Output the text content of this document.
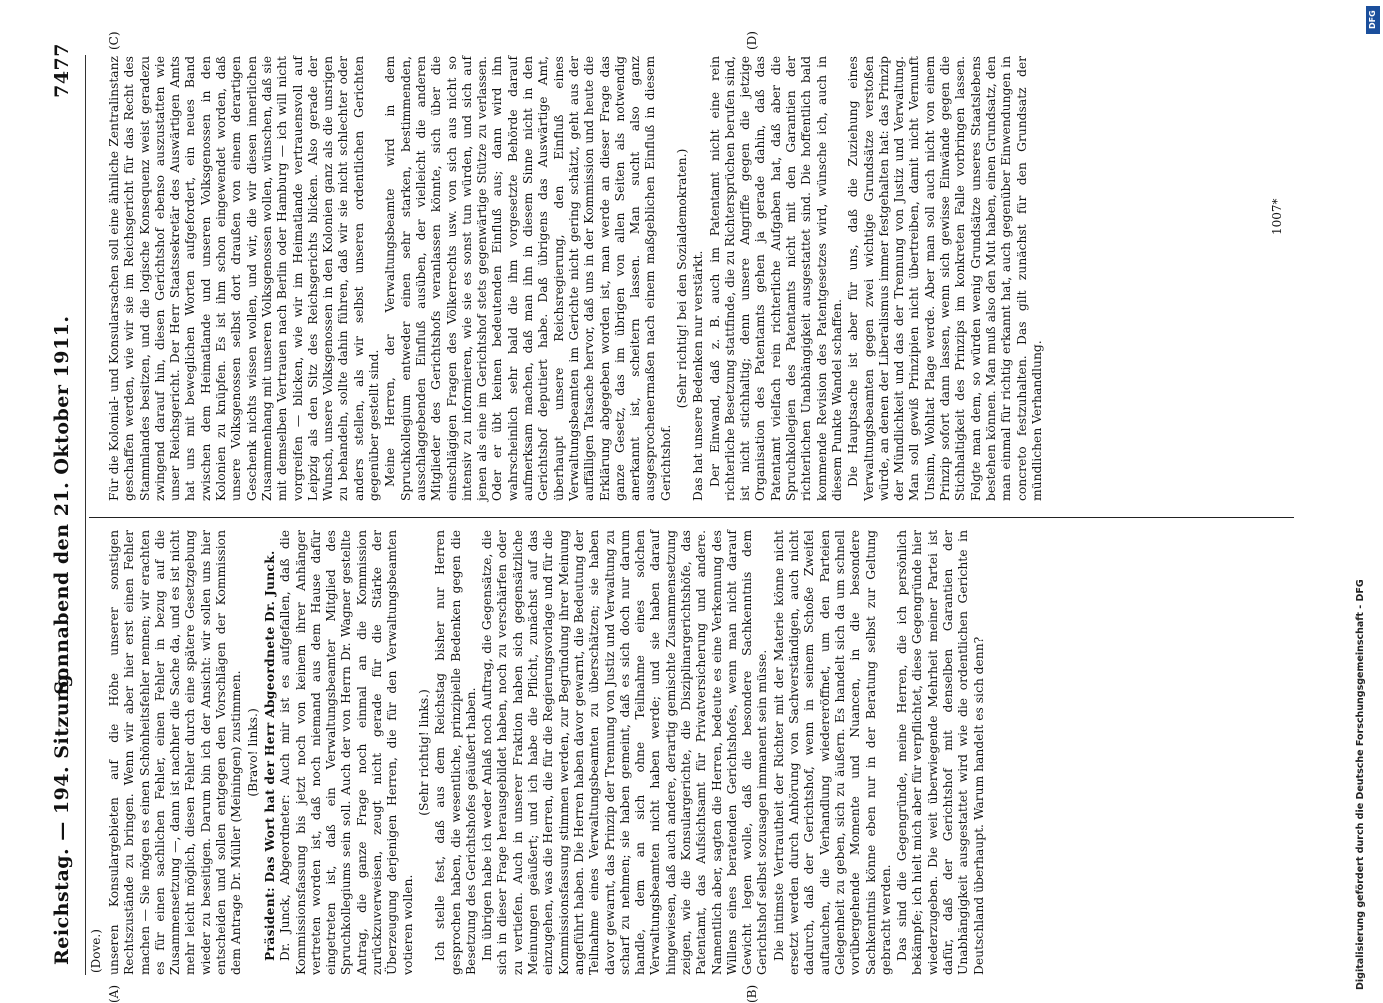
Reichstag. — 194. Sitzung.
Sonnabend den 21. Oktober 1911.
7477
(Dove.)
(A)	(B)
(C)	(D)

unseren Konsulargebieten auf die Höhe unserer sonstigen Rechtszustände zu bringen. Wenn wir aber hier erst einen Fehler machen — Sie mögen es einen Schönheitsfehler nennen; wir erachten es für einen sachlichen Fehler, einen Fehler in bezug auf die Zusammensetzung —, dann ist nachher die Sache da, und es ist nicht mehr leicht möglich, diesen Fehler durch eine spätere Gesetzgebung wieder zu beseitigen. Darum bin ich der Ansicht: wir sollen uns hier entscheiden und sollen entgegen den Vorschlägen der Kommission dem Antrage Dr. Müller (Meiningen) zustimmen. (Bravo! links.) Präsident: Das Wort hat der Herr Abgeordnete Dr. Junck. Dr. Junck, Abgeordneter: Auch mir ist es aufgefallen, daß die Kommissionsfassung bis jetzt noch von keinem ihrer Anhänger vertreten worden ist, daß noch niemand aus dem Hause dafür eingetreten ist, daß ein Verwaltungsbeamter Mitglied des Spruchkollegiums sein soll. Auch der von Herrn Dr. Wagner gestellte Antrag, die ganze Frage noch einmal an die Kommission zurückzuverweisen, zeugt nicht gerade für die Stärke der Überzeugung derjenigen Herren, die für den Verwaltungsbeamten votieren wollen.

(Sehr richtig! links.) Ich stelle fest, daß aus dem Reichstag bisher nur Herren gesprochen haben, die wesentliche, prinzipielle Bedenken gegen die Besetzung des Gerichtshofes geäußert haben. Im übrigen habe ich weder Anlaß noch Auftrag, die Gegensätze, die sich in dieser Frage herausgebildet haben, noch zu verschärfen oder zu vertiefen. Auch in unserer Fraktion haben sich gegensätzliche Meinungen geäußert; und ich habe die Pflicht, zunächst auf das einzugehen, was die Herren, die für die Regierungsvorlage und für die Kommissionsfassung stimmen werden, zur Begründung ihrer Meinung angeführt haben. Die Herren haben davor gewarnt, die Bedeutung der Teilnahme eines Verwaltungsbeamten zu überschätzen; sie haben davor gewarnt, das Prinzip der Trennung von Justiz und Verwaltung zu scharf zu nehmen; sie haben gemeint, daß es sich doch nur darum handle, dem an sich ohne Teilnahme eines solchen Verwaltungsbeamten nicht haben werde; und sie haben darauf hingewiesen, daß auch andere, derartig gemischte Zusammensetzung zeigen, wie die Konsulargerichte, die Disziplinargerichtshöfe, das Patentamt, das Aufsichtsamt für Privatversicherung und andere. Namentlich aber, sagten die Herren, bedeute es eine Verkennung des Willens eines beratenden Gerichtshofes, wenn man nicht darauf Gewicht legen wolle, daß die besondere Sachkenntnis dem Gerichtshof selbst sozusagen immanent sein müsse. Die intimste Vertrautheit der Richter mit der Materie könne nicht ersetzt werden durch Anhörung von Sachverständigen, auch nicht dadurch, daß der Gerichtshof, wenn in seinem Schoße Zweifel auftauchen, die Verhandlung wiedereröffnet, um den Parteien Gelegenheit zu geben, sich zu äußern. Es handelt sich da um schnell vorübergehende Momente und Nuancen, in die besondere Sachkenntnis könne eben nur in der Beratung selbst zur Geltung gebracht werden. Das sind die Gegengründe, meine Herren, die ich persönlich bekämpfe; ich hielt mich aber für verpflichtet, diese Gegengründe hier wiederzugeben. Die weit überwiegende Mehrheit meiner Partei ist dafür, daß der Gerichtshof mit denselben Garantien der Unabhängigkeit ausgestattet wird wie die ordentlichen Gerichte in Deutschland überhaupt. Warum handelt es sich denn?

Für die Kolonial- und Konsularsachen soll eine ähnliche Zentralinstanz geschaffen werden, wie wir sie im Reichsgericht für das Recht des Stammlandes besitzen, und die logische Konsequenz weist geradezu zwingend darauf hin, diesen Gerichtshof ebenso auszustatten wie unser Reichsgericht. Der Herr Staatssekretär des Auswärtigen Amts hat uns mit beweglichen Worten aufgefordert, ein neues Band zwischen dem Heimatlande und unseren Volksgenossen in den Kolonien zu knüpfen. Es ist ihm schon eingewendet worden, daß unsere Volksgenossen selbst dort draußen von einem derartigen Geschenk nichts wissen wollen, und wir, die wir diesen innerlichen Zusammenhang mit unseren Volksgenossen wollen, wünschen, daß sie mit demselben Vertrauen nach Berlin oder Hamburg — ich will nicht vorgreifen — blicken, wie wir im Heimatlande vertrauensvoll auf Leipzig als den Sitz des Reichsgerichts blicken. Also gerade der Wunsch, unsere Volksgenossen in den Kolonien ganz als die unsrigen zu behandeln, sollte dahin führen, daß wir sie nicht schlechter oder anders stellen, als wir selbst unseren ordentlichen Gerichten gegenüber gestellt sind. Meine Herren, der Verwaltungsbeamte wird in dem Spruchkollegium entweder einen sehr starken, bestimmenden, ausschlaggebenden Einfluß ausüben, der vielleicht die anderen Mitglieder des Gerichtshofs veranlassen könnte, sich über die einschlägigen Fragen des Völkerrechts usw. von sich aus nicht so intensiv zu informieren, wie sie es sonst tun würden, und sich auf jenen als eine im Gerichtshof stets gegenwärtige Stütze zu verlassen. Oder er übt keinen bedeutenden Einfluß aus; dann wird ihn wahrscheinlich sehr bald die ihm vorgesetzte Behörde darauf aufmerksam machen, daß man ihn in diesem Sinne nicht in den Gerichtshof deputiert habe. Daß übrigens das Auswärtige Amt, überhaupt unsere Reichsregierung, den Einfluß eines Verwaltungsbeamten im Gerichte nicht gering schätzt, geht aus der auffälligen Tatsache hervor, daß uns in der Kommission und heute die Erklärung abgegeben worden ist, man werde an dieser Frage das ganze Gesetz, das im übrigen von allen Seiten als notwendig anerkannt ist, scheitern lassen. Man sucht also ganz ausgesprochenermaßen nach einem maßgeblichen Einfluß in diesem Gerichtshof.

(Sehr richtig! bei den Sozialdemokraten.) Das hat unsere Bedenken nur verstärkt. Der Einwand, daß z. B. auch im Patentamt nicht eine rein richterliche Besetzung stattfinde, die zu Richtersprüchen berufen sind, ist nicht stichhaltig; denn unsere Angriffe gegen die jetzige Organisation des Patentamts gehen ja gerade dahin, daß das Patentamt vielfach rein richterliche Aufgaben hat, daß aber die Spruchkollegien des Patentamts nicht mit den Garantien der richterlichen Unabhängigkeit ausgestattet sind. Die hoffentlich bald kommende Revision des Patentgesetzes wird, wünsche ich, auch in diesem Punkte Wandel schaffen. Die Hauptsache ist aber für uns, daß die Zuziehung eines Verwaltungsbeamten gegen zwei wichtige Grundsätze verstoßen würde, an denen der Liberalismus immer festgehalten hat: das Prinzip der Mündlichkeit und das der Trennung von Justiz und Verwaltung. Man soll gewiß Prinzipien nicht übertreiben, damit nicht Vernunft Unsinn, Wohltat Plage werde. Aber man soll auch nicht von einem Prinzip sofort dann lassen, wenn sich gewisse Einwände gegen die Stichhaltigkeit des Prinzips im konkreten Falle vorbringen lassen. Folgte man dem, so würden wenig Grundsätze unseres Staatslebens bestehen können. Man muß also den Mut haben, einen Grundsatz, den man einmal für richtig erkannt hat, auch gegenüber Einwendungen in concreto festzuhalten. Das gilt zunächst für den Grundsatz der mündlichen Verhandlung.

1007*
DFG
Digitalisierung gefördert durch die Deutsche Forschungsgemeinschaft - DFG
